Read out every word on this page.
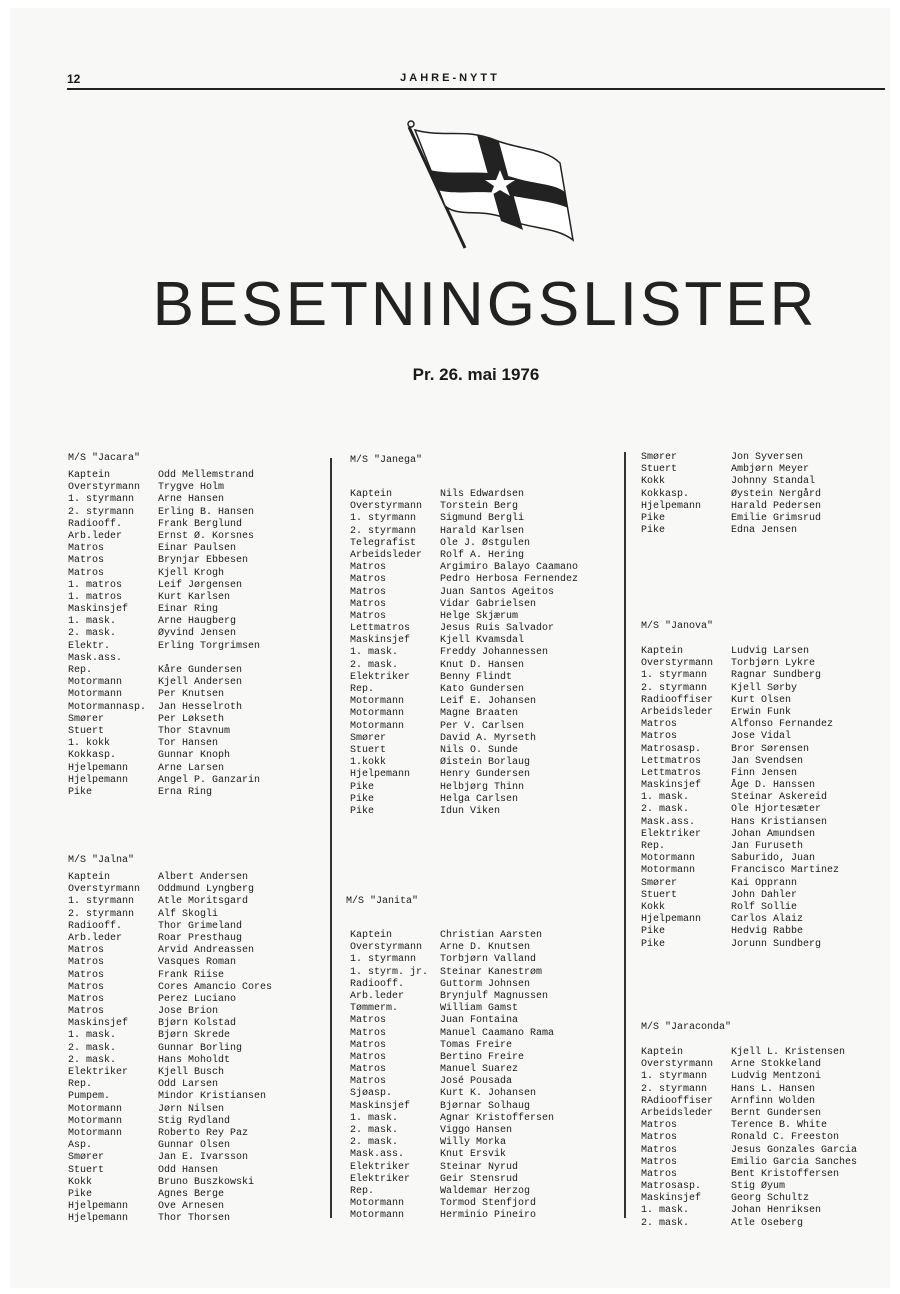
12	JAHRE-NYTT
BESETNINGSLISTER
Pr. 26. mai 1976
M/S "Jacara"
Kaptein	Odd Mellemstrand
Overstyrmann	Trygve Holm
1. styrmann	Arne Hansen
2. styrmann	Erling B. Hansen
Radiooff.	Frank Berglund
Arb.leder	Ernst Ø. Korsnes
Matros	Einar Paulsen
Matros	Brynjar Ebbesen
Matros	Kjell Krogh
1. matros	Leif Jørgensen
1. matros	Kurt Karlsen
Maskinsjef	Einar Ring
1. mask.	Arne Haugberg
2. mask.	Øyvind Jensen
Elektr.	Erling Torgrimsen
Mask.ass.
Rep.	Kåre Gundersen
Motormann	Kjell Andersen
Motormann	Per Knutsen
Motormannasp.	Jan Hesselroth
Smører	Per Løkseth
Stuert	Thor Stavnum
1. kokk	Tor Hansen
Kokkasp.	Gunnar Knoph
Hjelpemann	Arne Larsen
Hjelpemann	Angel P. Ganzarin
Pike	Erna Ring
M/S "Jalna"
Kaptein	Albert Andersen
Overstyrmann	Oddmund Lyngberg
1. styrmann	Atle Moritsgard
2. styrmann	Alf Skogli
Radiooff.	Thor Grimeland
Arb.leder	Roar Presthaug
Matros	Arvid Andreassen
Matros	Vasques Roman
Matros	Frank Riise
Matros	Cores Amancio Cores
Matros	Perez Luciano
Matros	Jose Brion
Maskinsjef	Bjørn Kolstad
1. mask.	Bjørn Skrede
2. mask.	Gunnar Borling
2. mask.	Hans Moholdt
Elektriker	Kjell Busch
Rep.	Odd Larsen
Pumpem.	Mindor Kristiansen
Motormann	Jørn Nilsen
Motormann	Stig Rydland
Motormann	Roberto Rey Paz
Asp.	Gunnar Olsen
Smører	Jan E. Ivarsson
Stuert	Odd Hansen
Kokk	Bruno Buszkowski
Pike	Agnes Berge
Hjelpemann	Ove Arnesen
Hjelpemann	Thor Thorsen
M/S "Janega"
Kaptein	Nils Edwardsen
Overstyrmann	Torstein Berg
1. styrmann	Sigmund Bergli
2. styrmann	Harald Karlsen
Telegrafist	Ole J. Østgulen
Arbeidsleder	Rolf A. Hering
Matros	Argimiro Balayo Caamano
Matros	Pedro Herbosa Fernendez
Matros	Juan Santos Ageitos
Matros	Vidar Gabrielsen
Matros	Helge Skjærum
Lettmatros	Jesus Ruis Salvador
Maskinsjef	Kjell Kvamsdal
1. mask.	Freddy Johannessen
2. mask.	Knut D. Hansen
Elektriker	Benny Flindt
Rep.	Kato Gundersen
Motormann	Leif E. Johansen
Motormann	Magne Braaten
Motormann	Per V. Carlsen
Smører	David A. Myrseth
Stuert	Nils O. Sunde
1.kokk	Øistein Borlaug
Hjelpemann	Henry Gundersen
Pike	Helbjørg Thinn
Pike	Helga Carlsen
Pike	Idun Viken
M/S "Janita"
Kaptein	Christian Aarsten
Overstyrmann	Arne D. Knutsen
1. styrmann	Torbjørn Valland
1. styrm. jr.	Steinar Kanestrøm
Radiooff.	Guttorm Johnsen
Arb.leder	Brynjulf Magnussen
Tømmerm.	William Gamst
Matros	Juan Fontaina
Matros	Manuel Caamano Rama
Matros	Tomas Freire
Matros	Bertino Freire
Matros	Manuel Suarez
Matros	José Pousada
Sjøasp.	Kurt K. Johansen
Maskinsjef	Bjørnar Solhaug
1. mask.	Agnar Kristoffersen
2. mask.	Viggo Hansen
2. mask.	Willy Morka
Mask.ass.	Knut Ersvik
Elektriker	Steinar Nyrud
Elektriker	Geir Stensrud
Rep.	Waldemar Herzog
Motormann	Tormod Stenfjord
Motormann	Herminio Pineiro
Smører	Jon Syversen
Stuert	Ambjørn Meyer
Kokk	Johnny Standal
Kokkasp.	Øystein Nergård
Hjelpemann	Harald Pedersen
Pike	Emilie Grimsrud
Pike	Edna Jensen
M/S "Janova"
Kaptein	Ludvig Larsen
Overstyrmann	Torbjørn Lykre
1. styrmann	Ragnar Sundberg
2. styrmann	Kjell Sørby
Radiooffiser	Kurt Olsen
Arbeidsleder	Erwin Funk
Matros	Alfonso Fernandez
Matros	Jose Vidal
Matrosasp.	Bror Sørensen
Lettmatros	Jan Svendsen
Lettmatros	Finn Jensen
Maskinsjef	Åge D. Hanssen
1. mask.	Steinar Askereid
2. mask.	Ole Hjortesæter
Mask.ass.	Hans Kristiansen
Elektriker	Johan Amundsen
Rep.	Jan Furuseth
Motormann	Saburido, Juan
Motormann	Francisco Martinez
Smører	Kai Opprann
Stuert	John Dahler
Kokk	Rolf Sollie
Hjelpemann	Carlos Alaiz
Pike	Hedvig Rabbe
Pike	Jorunn Sundberg
M/S "Jaraconda"
Kaptein	Kjell L. Kristensen
Overstyrmann	Arne Stokkeland
1. styrmann	Ludvig Mentzoni
2. styrmann	Hans L. Hansen
RAdiooffiser	Arnfinn Wolden
Arbeidsleder	Bernt Gundersen
Matros	Terence B. White
Matros	Ronald C. Freeston
Matros	Jesus Gonzales Garcia
Matros	Emilio Garcia Sanches
Matros	Bent Kristoffersen
Matrosasp.	Stig Øyum
Maskinsjef	Georg Schultz
1. mask.	Johan Henriksen
2. mask.	Atle Oseberg
